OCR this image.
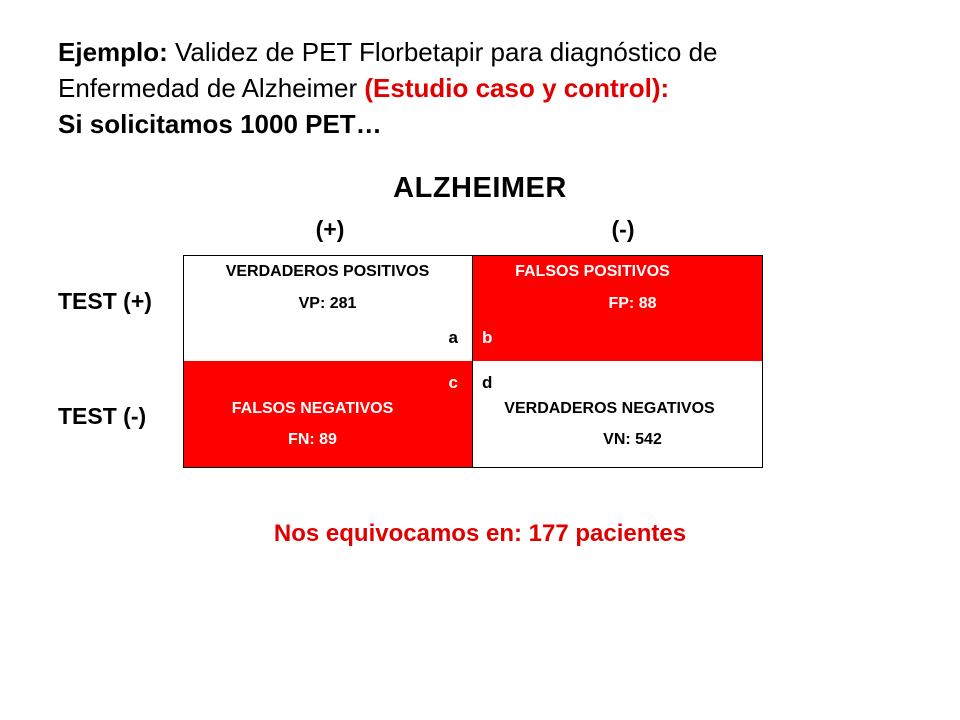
Ejemplo: Validez de PET Florbetapir para diagnóstico de
Enfermedad de Alzheimer (Estudio caso y control):
Si solicitamos 1000 PET…
ALZHEIMER
(+)	(-)
TEST (+)
TEST (-)
VERDADEROS POSITIVOS
VP: 281
a
FALSOS POSITIVOS
FP: 88
b
c
FALSOS NEGATIVOS
FN: 89
d
VERDADEROS NEGATIVOS
VN: 542
Nos equivocamos en: 177 pacientes
